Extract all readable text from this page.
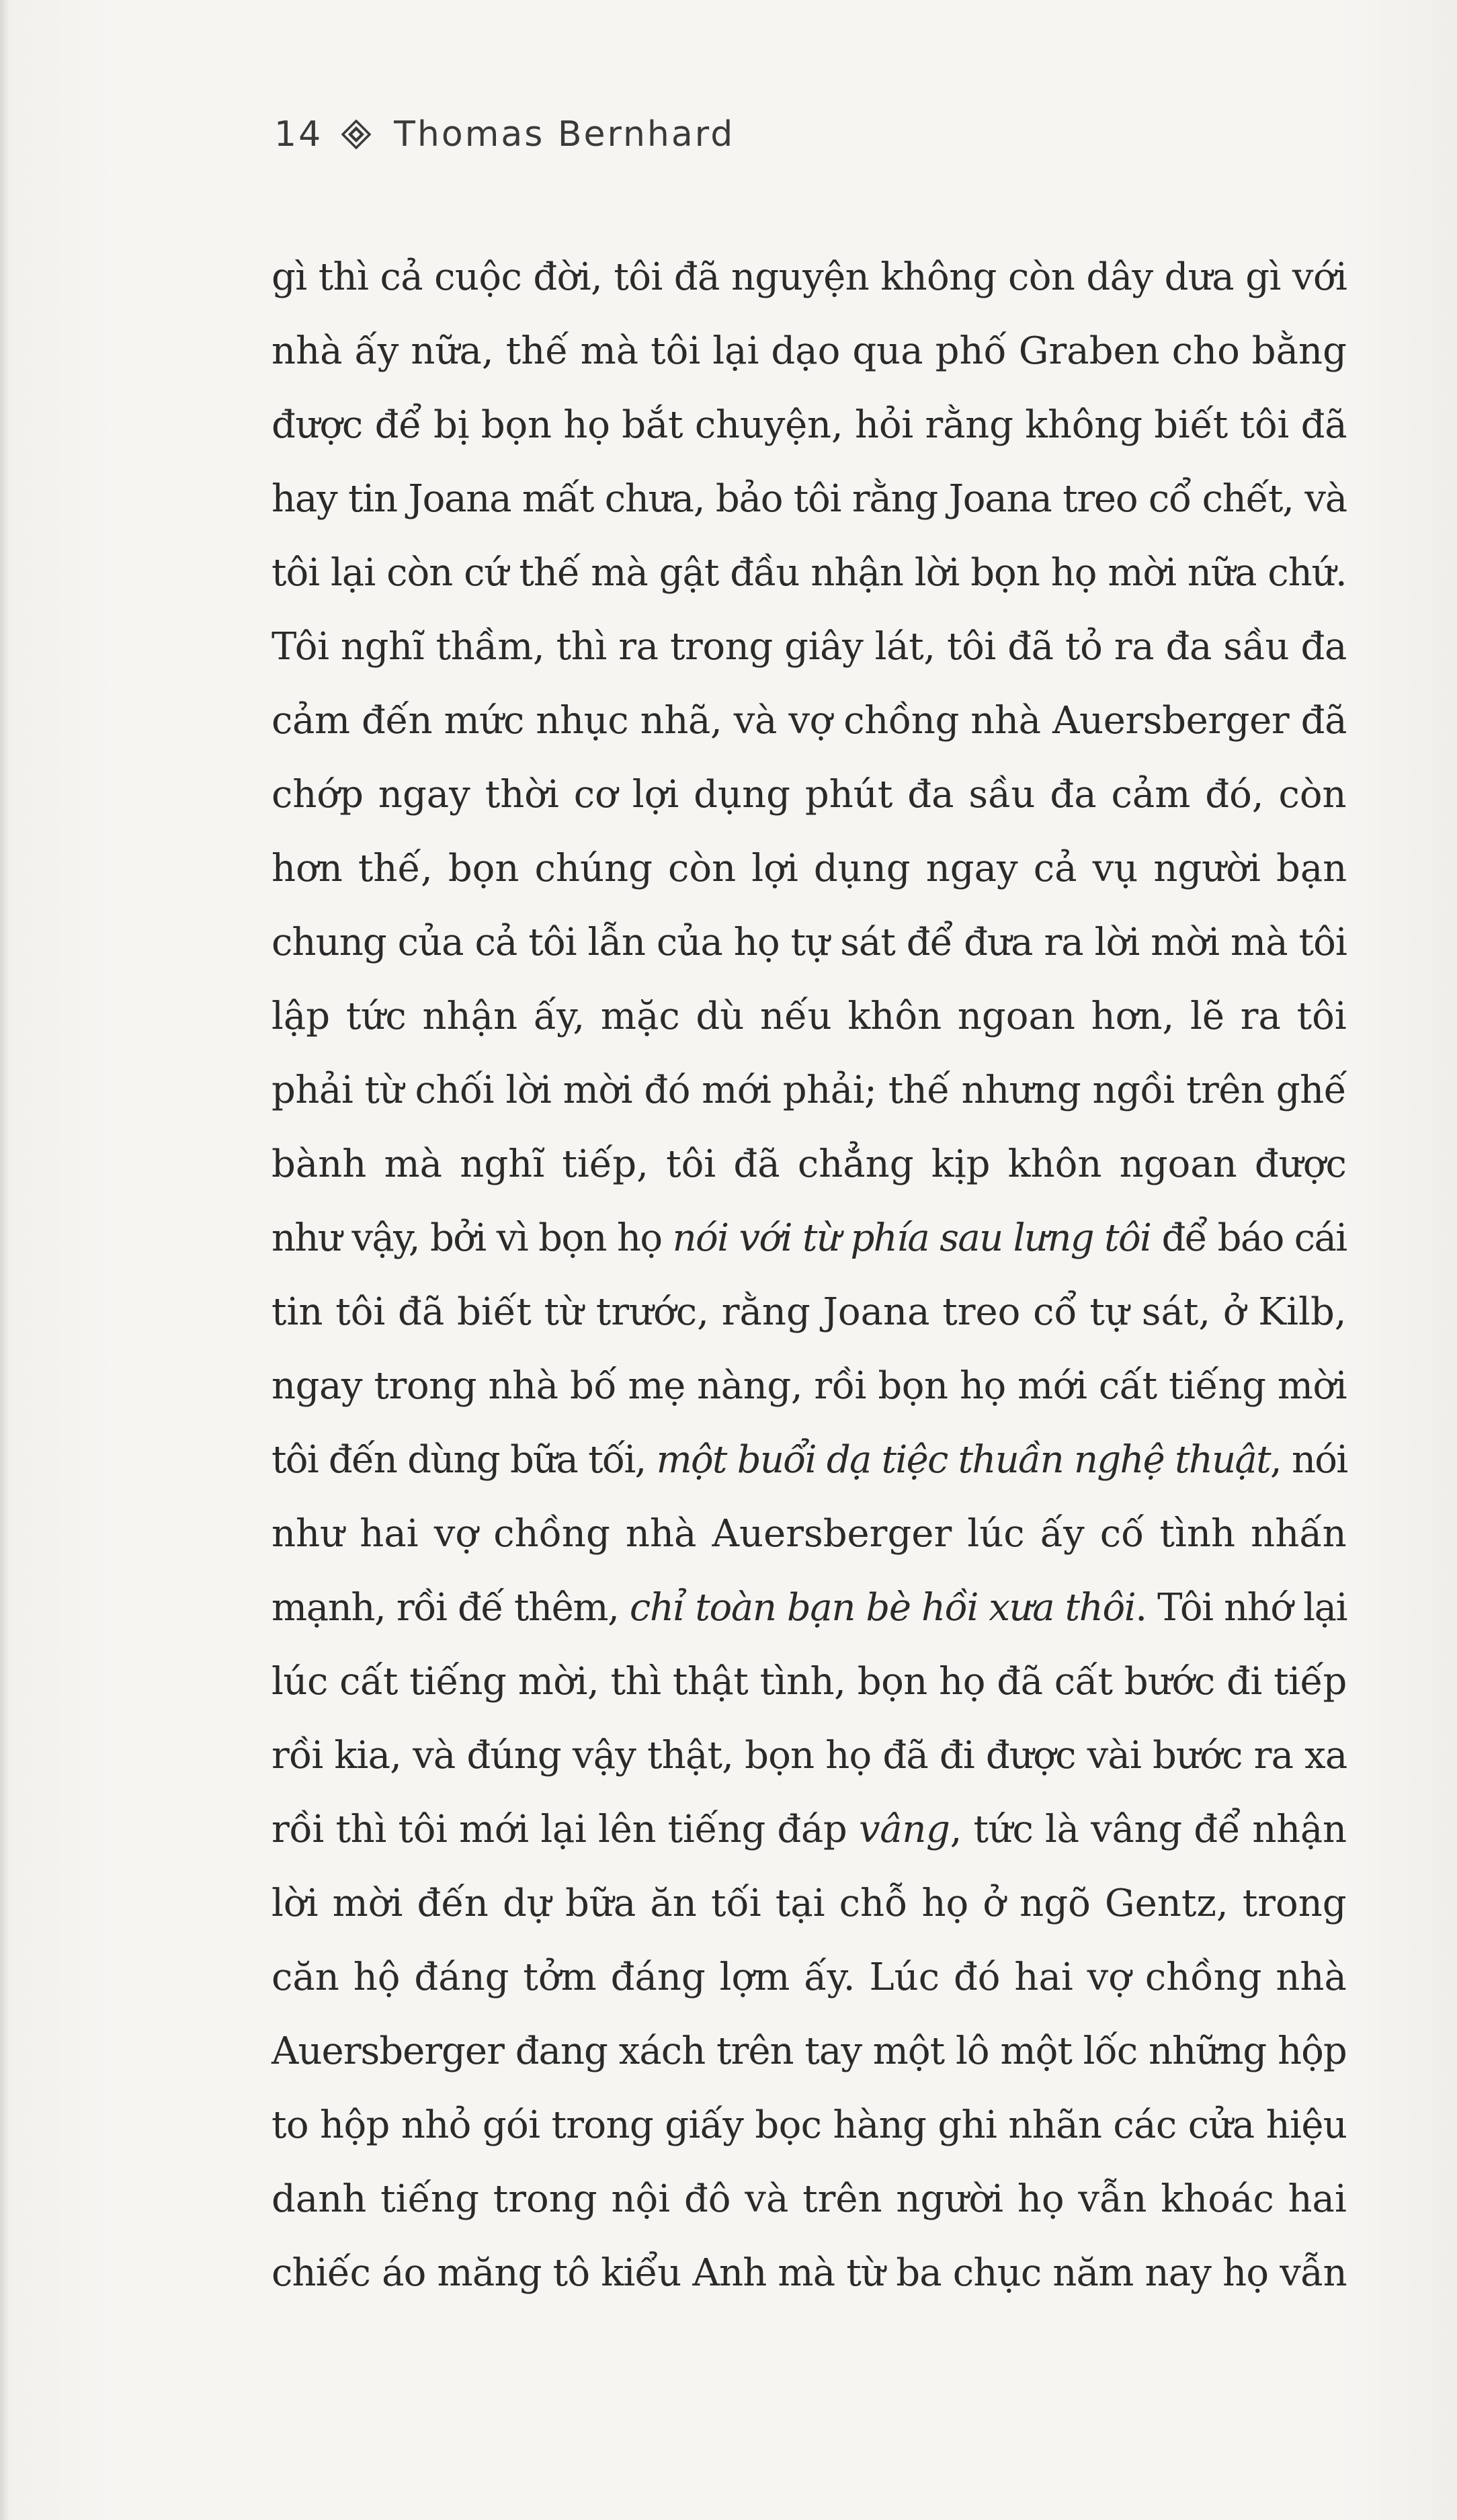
14 Thomas Bernhard
gì thì cả cuộc đời, tôi đã nguyện không còn dây dưa gì với
nhà ấy nữa, thế mà tôi lại dạo qua phố Graben cho bằng
được để bị bọn họ bắt chuyện, hỏi rằng không biết tôi đã
hay tin Joana mất chưa, bảo tôi rằng Joana treo cổ chết, và
tôi lại còn cứ thế mà gật đầu nhận lời bọn họ mời nữa chứ.
Tôi nghĩ thầm, thì ra trong giây lát, tôi đã tỏ ra đa sầu đa
cảm đến mức nhục nhã, và vợ chồng nhà Auersberger đã
chớp ngay thời cơ lợi dụng phút đa sầu đa cảm đó, còn
hơn thế, bọn chúng còn lợi dụng ngay cả vụ người bạn
chung của cả tôi lẫn của họ tự sát để đưa ra lời mời mà tôi
lập tức nhận ấy, mặc dù nếu khôn ngoan hơn, lẽ ra tôi
phải từ chối lời mời đó mới phải; thế nhưng ngồi trên ghế
bành mà nghĩ tiếp, tôi đã chẳng kịp khôn ngoan được
như vậy, bởi vì bọn họ nói với từ phía sau lưng tôi để báo cái
tin tôi đã biết từ trước, rằng Joana treo cổ tự sát, ở Kilb,
ngay trong nhà bố mẹ nàng, rồi bọn họ mới cất tiếng mời
tôi đến dùng bữa tối, một buổi dạ tiệc thuần nghệ thuật, nói
như hai vợ chồng nhà Auersberger lúc ấy cố tình nhấn
mạnh, rồi đế thêm, chỉ toàn bạn bè hồi xưa thôi. Tôi nhớ lại
lúc cất tiếng mời, thì thật tình, bọn họ đã cất bước đi tiếp
rồi kia, và đúng vậy thật, bọn họ đã đi được vài bước ra xa
rồi thì tôi mới lại lên tiếng đáp vâng, tức là vâng để nhận
lời mời đến dự bữa ăn tối tại chỗ họ ở ngõ Gentz, trong
căn hộ đáng tởm đáng lợm ấy. Lúc đó hai vợ chồng nhà
Auersberger đang xách trên tay một lô một lốc những hộp
to hộp nhỏ gói trong giấy bọc hàng ghi nhãn các cửa hiệu
danh tiếng trong nội đô và trên người họ vẫn khoác hai
chiếc áo măng tô kiểu Anh mà từ ba chục năm nay họ vẫn
